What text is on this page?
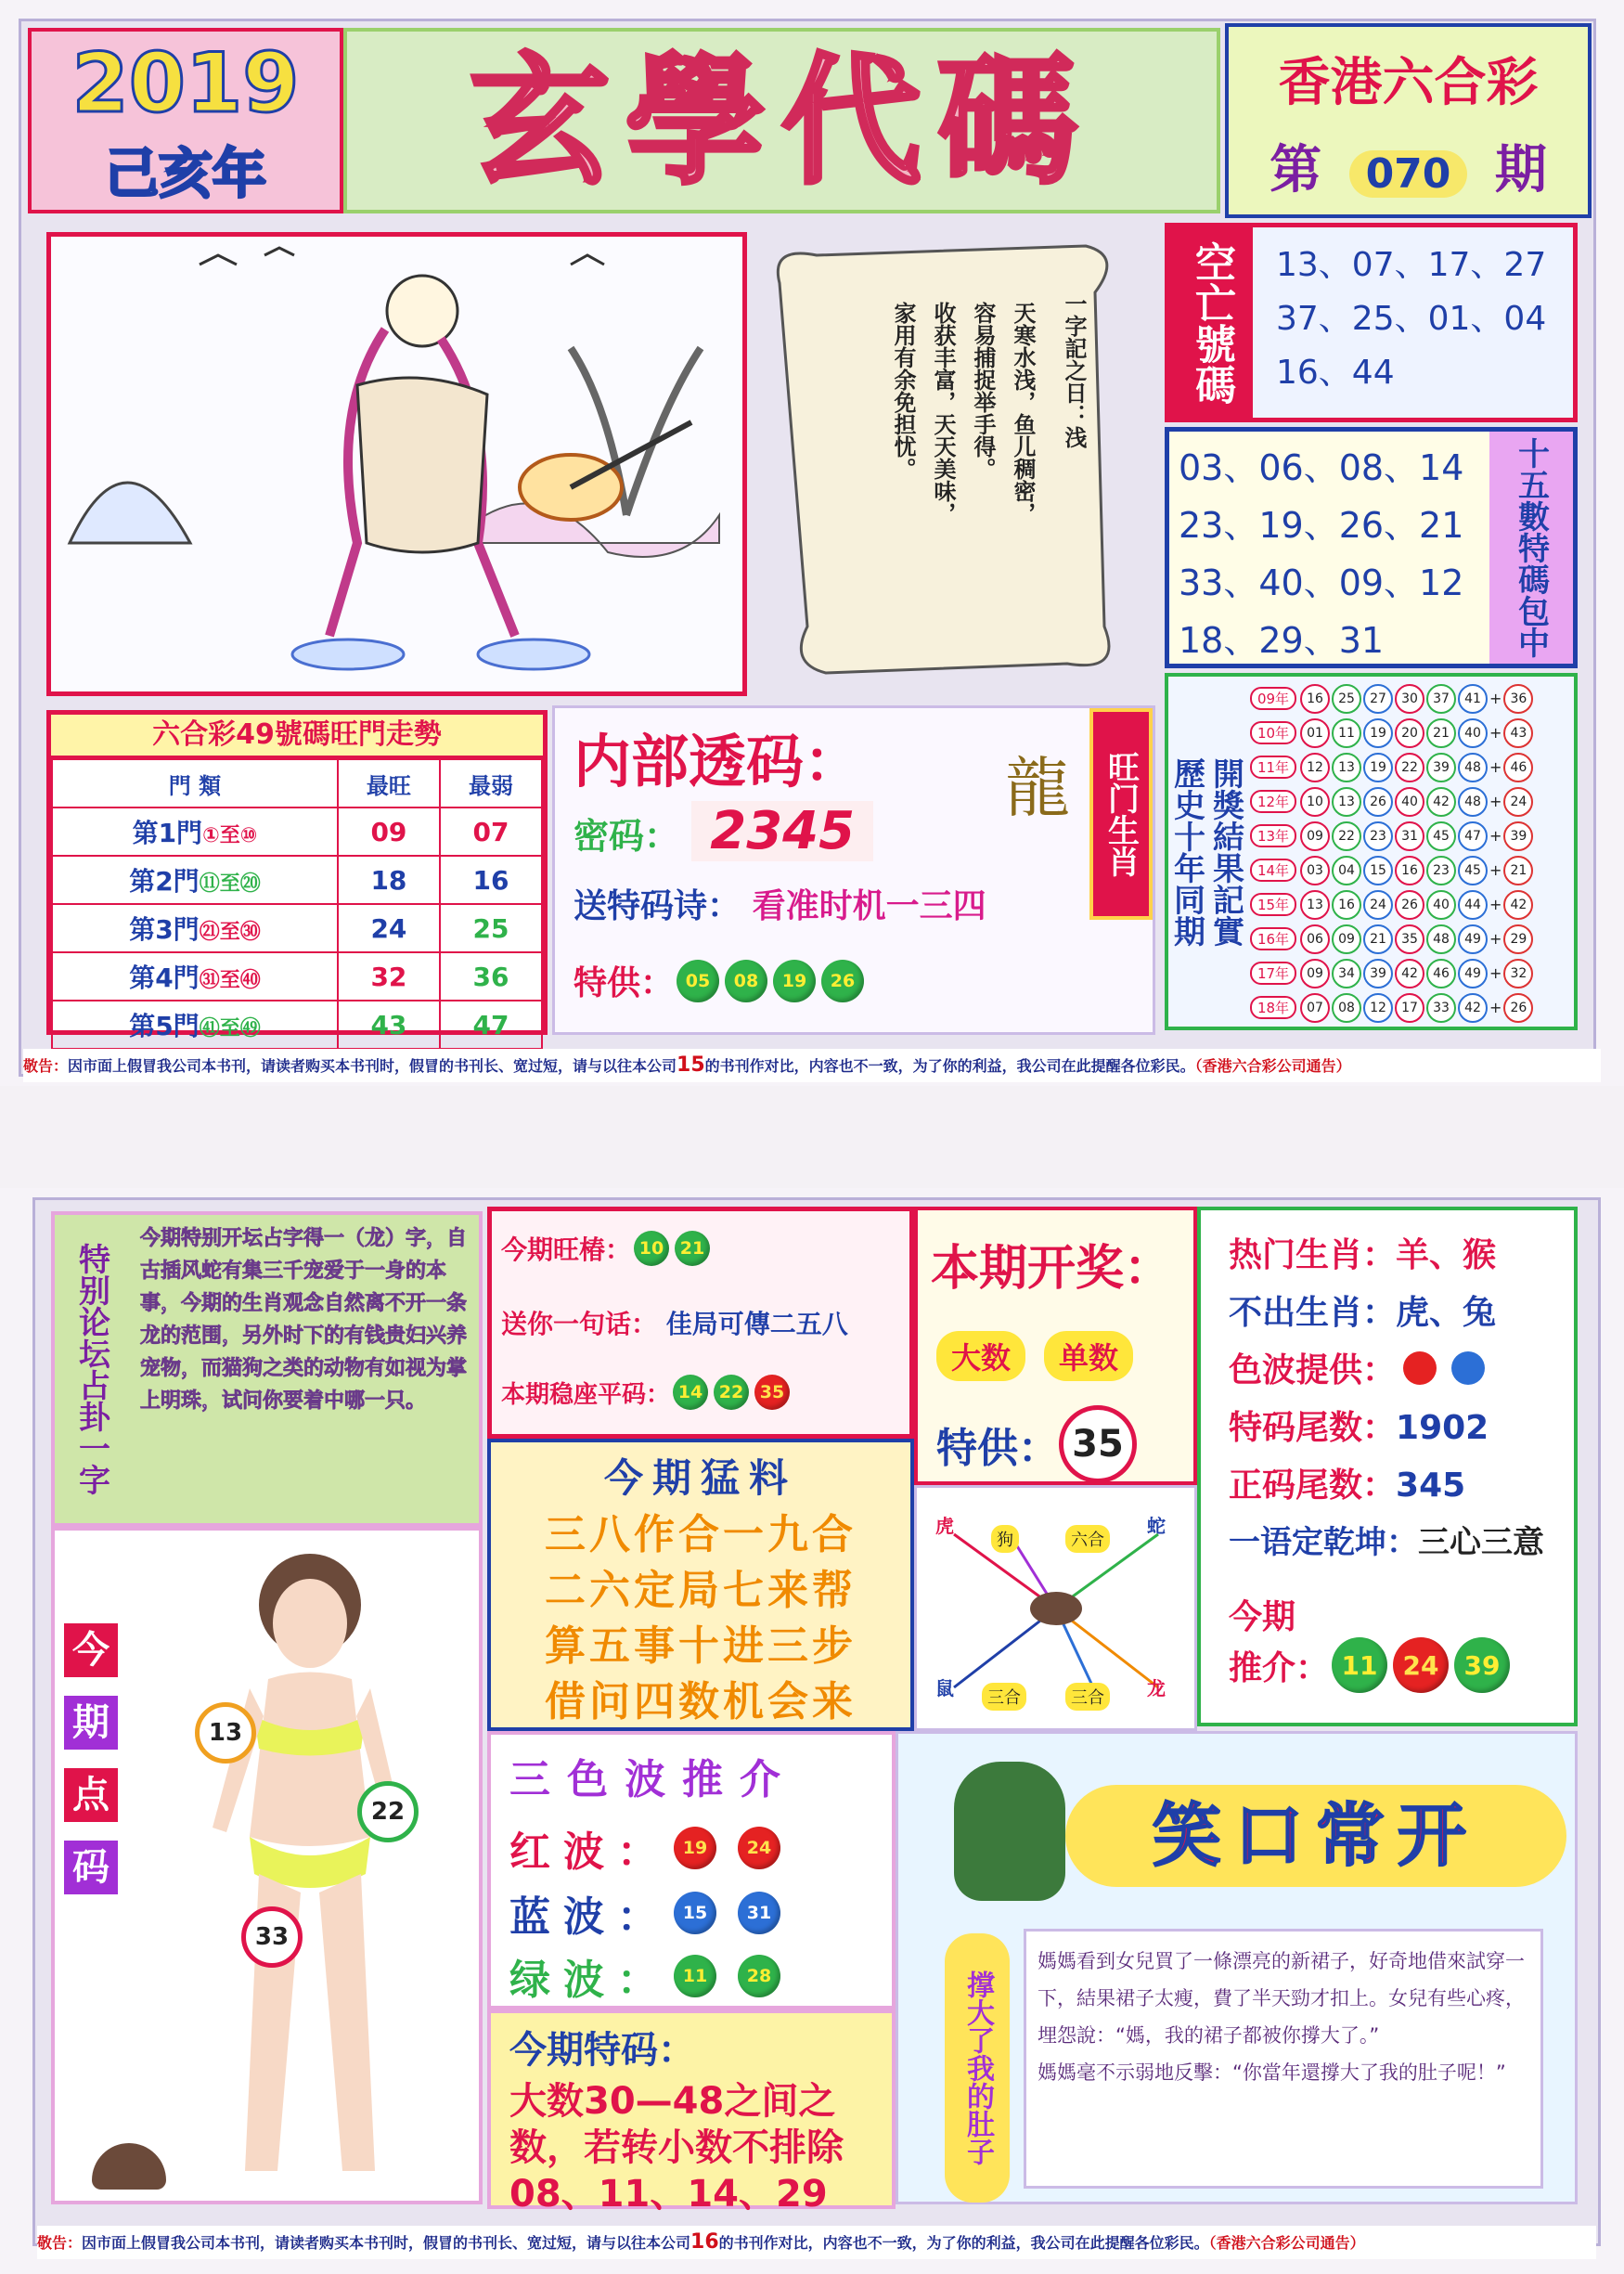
2019
己亥年	玄學代碼	香港六合彩
第 070 期
一字記之日：浅
天寒水浅，鱼儿稠密，
容易捕捉举手得。
收获丰富，天天美味，
家用有余免担忧。	空亡號碼	13、07、17、27
37、25、01、04
16、44
03、06、08、14
23、19、26、21
33、40、09、12
18、29、31	十五數特碼包中
六合彩49號碼旺門走勢
門 類	最旺	最弱
第1門①至⑩	09	07
第2門⑪至⑳	18	16
第3門㉑至㉚	24	25
第4門㉛至㊵	32	36
第5門㊶至㊾	43	47
内部透码：
密码： 2345
送特码诗： 看准时机一三四
特供： 05	08	19	26
龍	旺门生肖 歷史十年同期 開獎結果記實
09年	16	25	27	30	37	41 + 36
10年	01	11	19	20	21	40 + 43
11年	12	13	19	22	39	48 + 46
12年	10	13	26	40	42	48 + 24
13年	09	22	23	31	45	47 + 39
14年	03	04	15	16	23	45 + 21
15年	13	16	24	26	40	44 + 42
16年	06	09	21	35	48	49 + 29
17年	09	34	39	42	46	49 + 32
18年	07	08	12	17	33	42 + 26
敬告：因市面上假冒我公司本书刊，请读者购买本书刊时，假冒的书刊长、宽过短，请与以往本公司15的书刊作对比，内容也不一致，为了你的利益，我公司在此提醒各位彩民。（香港六合彩公司通告）
特别论坛占卦一字
今期特别开坛占字得一（龙）字，自古插风蛇有集三千宠爱于一身的本事，今期的生肖观念自然离不开一条龙的范围，另外时下的有钱贵妇兴养宠物，而猫狗之类的动物有如视为掌上明珠，试问你要着中哪一只。
今
期
点
码
13
22
33
今期旺椿： 10 21
送你一句话： 佳局可傳二五八
本期稳座平码： 14 22 35
本期开奖：
大数	单数
特供： 35
热门生肖：羊、猴
不出生肖：虎、兔
色波提供：
特码尾数：1902
正码尾数：345
一语定乾坤：三心三意
今期
推介： 11 24 39
今期猛料
三八作合一九合
二六定局七来帮
算五事十进三步
借问四数机会来
虎
狗	六合
蛇
鼠	三合	三合	龙
三色波推介
红波： 19	24
蓝波： 15	31
绿波： 11	28
今期特码：
大数30—48之间之数，若转小数不排除08、11、14、29
笑口常开
撑大了我的肚子
媽媽看到女兒買了一條漂亮的新裙子，好奇地借來試穿一下，結果裙子太瘦，費了半天勁才扣上。女兒有些心疼，埋怨說：“媽，我的裙子都被你撐大了。”
媽媽毫不示弱地反擊：“你當年還撐大了我的肚子呢！”
敬告：因市面上假冒我公司本书刊，请读者购买本书刊时，假冒的书刊长、宽过短，请与以往本公司16的书刊作对比，内容也不一致，为了你的利益，我公司在此提醒各位彩民。（香港六合彩公司通告）
